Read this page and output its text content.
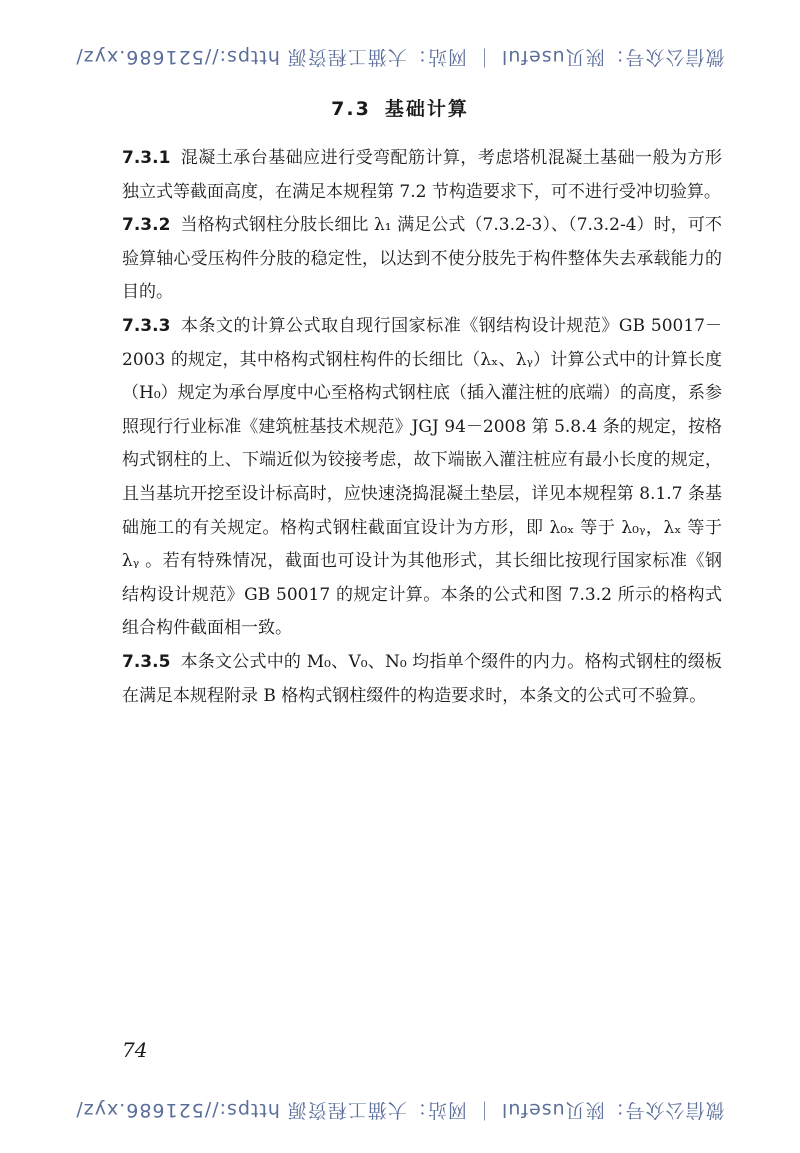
微信公众号：陕贝useful ｜ 网站：大猫工程资源 https://521686.xyz/
7.3 基础计算

7.3.1 混凝土承台基础应进行受弯配筋计算，考虑塔机混凝土基础一般为方形独立式等截面高度，在满足本规程第 7.2 节构造要求下，可不进行受冲切验算。

7.3.2 当格构式钢柱分肢长细比 λ₁ 满足公式（7.3.2-3）、（7.3.2-4）时，可不验算轴心受压构件分肢的稳定性，以达到不使分肢先于构件整体失去承载能力的目的。

7.3.3 本条文的计算公式取自现行国家标准《钢结构设计规范》GB 50017－2003 的规定，其中格构式钢柱构件的长细比（λₓ、λᵧ）计算公式中的计算长度（H₀）规定为承台厚度中心至格构式钢柱底（插入灌注桩的底端）的高度，系参照现行行业标准《建筑桩基技术规范》JGJ 94－2008 第 5.8.4 条的规定，按格构式钢柱的上、下端近似为铰接考虑，故下端嵌入灌注桩应有最小长度的规定，且当基坑开挖至设计标高时，应快速浇捣混凝土垫层，详见本规程第 8.1.7 条基础施工的有关规定。格构式钢柱截面宜设计为方形，即 λ₀ₓ 等于 λ₀ᵧ，λₓ 等于 λᵧ 。若有特殊情况，截面也可设计为其他形式，其长细比按现行国家标准《钢结构设计规范》GB 50017 的规定计算。本条的公式和图 7.3.2 所示的格构式组合构件截面相一致。

7.3.5 本条文公式中的 M₀、V₀、N₀ 均指单个缀件的内力。格构式钢柱的缀板在满足本规程附录 B 格构式钢柱缀件的构造要求时，本条文的公式可不验算。

74
微信公众号：陕贝useful ｜ 网站：大猫工程资源 https://521686.xyz/
